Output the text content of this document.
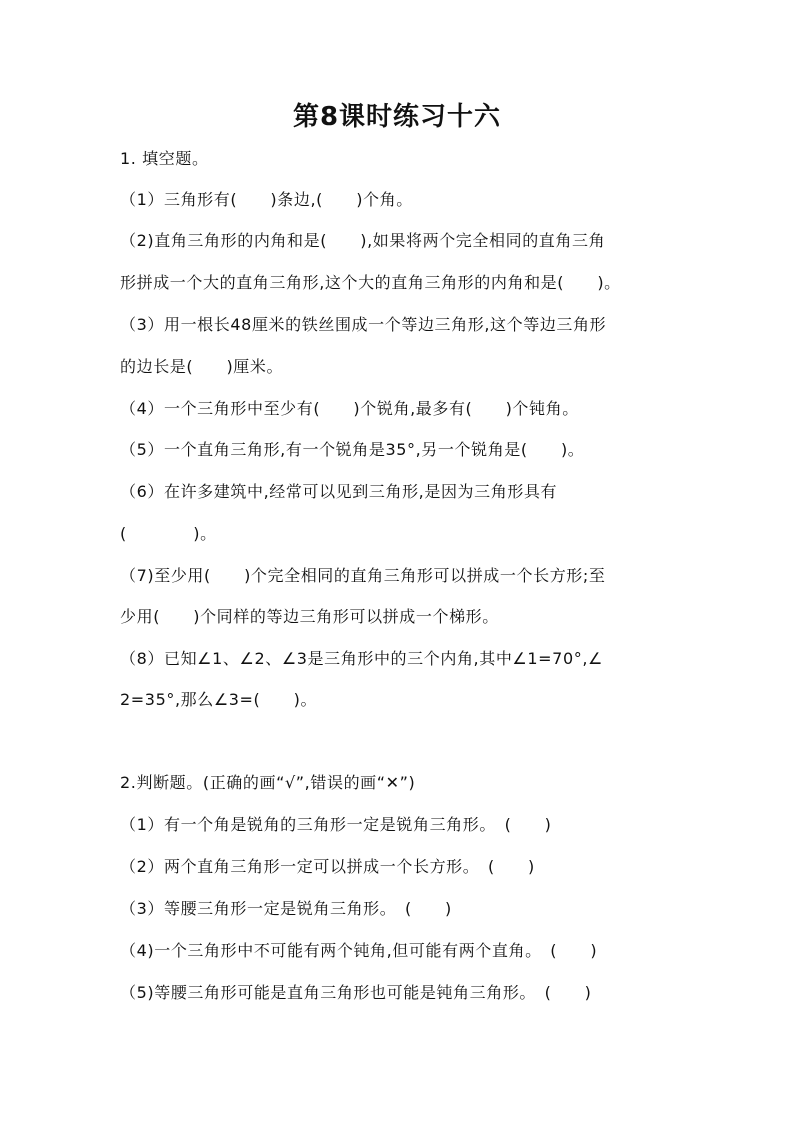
第8课时练习十六
1. 填空题。
（1）三角形有(　　)条边,(　　)个角。
（2)直角三角形的内角和是(　　),如果将两个完全相同的直角三角
形拼成一个大的直角三角形,这个大的直角三角形的内角和是(　　)。
（3）用一根长48厘米的铁丝围成一个等边三角形,这个等边三角形
的边长是(　　)厘米。
（4）一个三角形中至少有(　　)个锐角,最多有(　　)个钝角。
（5）一个直角三角形,有一个锐角是35°,另一个锐角是(　　)。
（6）在许多建筑中,经常可以见到三角形,是因为三角形具有
(　　　　)。
（7)至少用(　　)个完全相同的直角三角形可以拼成一个长方形;至
少用(　　)个同样的等边三角形可以拼成一个梯形。
（8）已知∠1、∠2、∠3是三角形中的三个内角,其中∠1=70°,∠
2=35°,那么∠3=(　　)。
2.判断题。(正确的画“√”,错误的画“✕”)
（1）有一个角是锐角的三角形一定是锐角三角形。　(　　)
（2）两个直角三角形一定可以拼成一个长方形。　(　　)
（3）等腰三角形一定是锐角三角形。　(　　)
（4)一个三角形中不可能有两个钝角,但可能有两个直角。　(　　)
（5)等腰三角形可能是直角三角形也可能是钝角三角形。　(　　)
